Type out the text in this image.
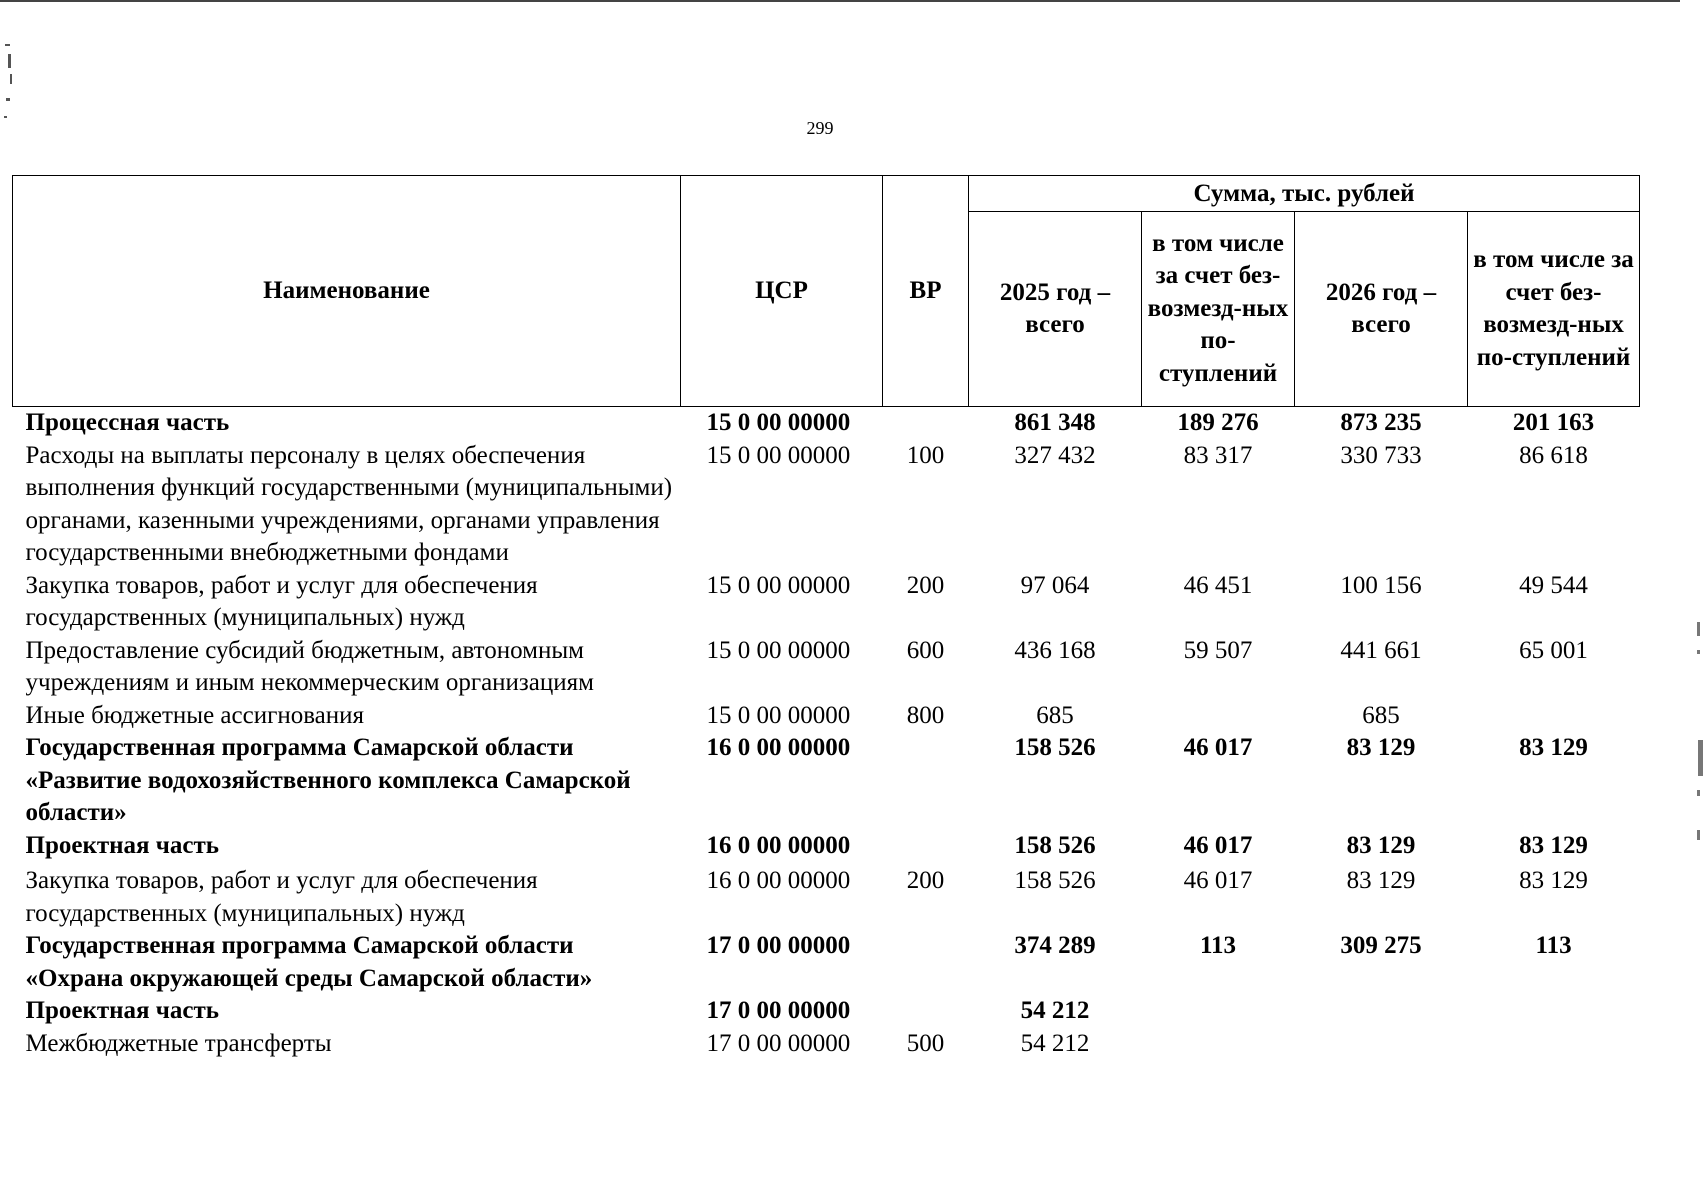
299
Наименование	ЦСР	ВР	Сумма, тыс. рублей			
			2025 год – всего	в том числе за счет без-возмезд-ных по-ступлений	2026 год – всего	в том числе за счет без-возмезд-ных по-ступлений
Процессная часть	15 0 00 00000		861 348	189 276	873 235	201 163
Расходы на выплаты персоналу в целях обеспечения выполнения функций государственными (муниципальными) органами, казенными учреждениями, органами управления государственными внебюджетными фондами	15 0 00 00000	100	327 432	83 317	330 733	86 618
Закупка товаров, работ и услуг для обеспечения государственных (муниципальных) нужд	15 0 00 00000	200	97 064	46 451	100 156	49 544
Предоставление субсидий бюджетным, автономным учреждениям и иным некоммерческим организациям	15 0 00 00000	600	436 168	59 507	441 661	65 001
Иные бюджетные ассигнования	15 0 00 00000	800	685		685	
Государственная программа Самарской области «Развитие водохозяйственного комплекса Самарской области»	16 0 00 00000		158 526	46 017	83 129	83 129
Проектная часть	16 0 00 00000		158 526	46 017	83 129	83 129
Закупка товаров, работ и услуг для обеспечения государственных (муниципальных) нужд	16 0 00 00000	200	158 526	46 017	83 129	83 129
Государственная программа Самарской области «Охрана окружающей среды Самарской области»	17 0 00 00000		374 289	113	309 275	113
Проектная часть	17 0 00 00000		54 212			
Межбюджетные трансферты	17 0 00 00000	500	54 212			
